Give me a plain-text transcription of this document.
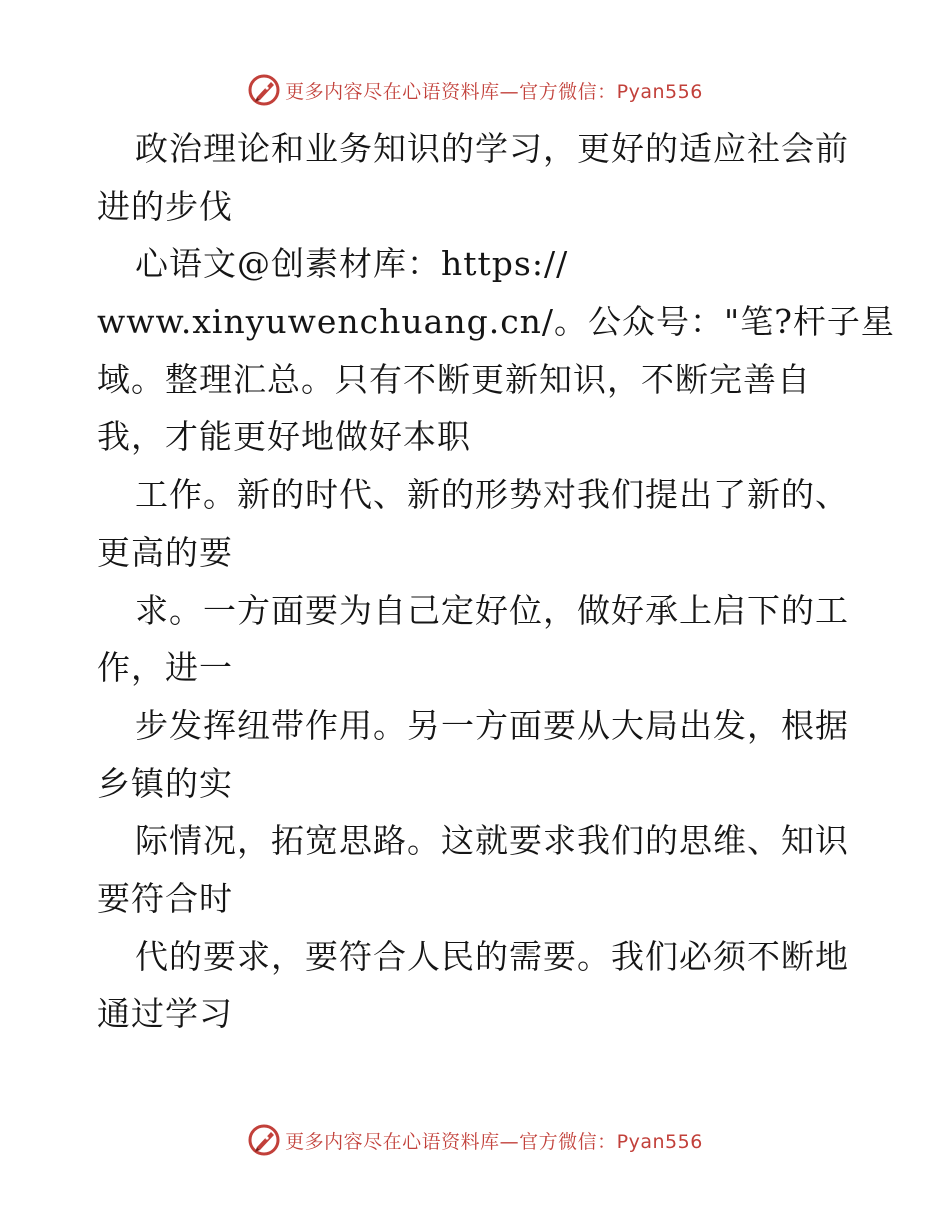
更多内容尽在心语资料库—官方微信：Pyan556
政治理论和业务知识的学习，更好的适应社会前
进的步伐
心语文@创素材库：https://
www.xinyuwenchuang.cn/。公众号："笔?杆子星
域。整理汇总。只有不断更新知识，不断完善自
我，才能更好地做好本职
工作。新的时代、新的形势对我们提出了新的、
更高的要
求。一方面要为自己定好位，做好承上启下的工
作，进一
步发挥纽带作用。另一方面要从大局出发，根据
乡镇的实
际情况，拓宽思路。这就要求我们的思维、知识
要符合时
代的要求，要符合人民的需要。我们必须不断地
通过学习
更多内容尽在心语资料库—官方微信：Pyan556
